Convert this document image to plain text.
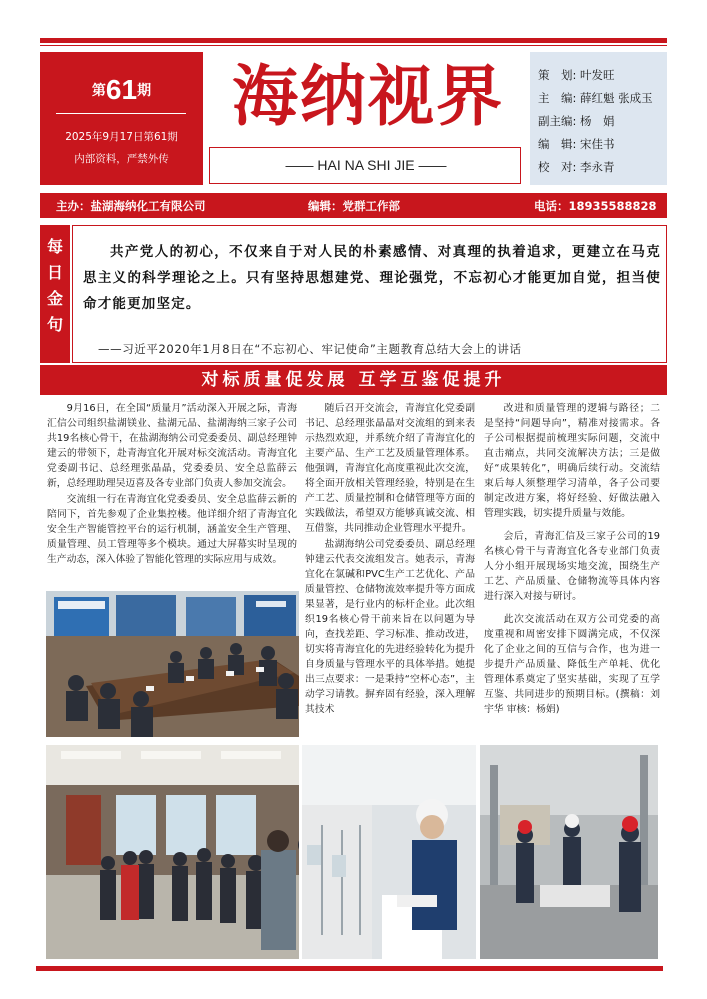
第61期
2025年9月17日第61期
内部资料，严禁外传
海纳视界
—— HAI NA SHI JIE ——
策　划: 叶发旺
主　编: 薛红魁 张成玉
副主编: 杨　娟
编　辑: 宋佳书
校　对: 李永青
主办：盐湖海纳化工有限公司	编辑：党群工作部	电话：18935588828
每
日
金
句
共产党人的初心，不仅来自于对人民的朴素感情、对真理的执着追求，更建立在马克思主义的科学理论之上。只有坚持思想建党、理论强党，不忘初心才能更加自觉，担当使命才能更加坚定。
——习近平2020年1月8日在“不忘初心、牢记使命”主题教育总结大会上的讲话
对标质量促发展 互学互鉴促提升

9月16日，在全国“质量月”活动深入开展之际，青海汇信公司组织盐湖镁业、盐湖元品、盐湖海纳三家子公司共19名核心骨干，在盐湖海纳公司党委委员、副总经理钟建云的带领下，赴青海宜化开展对标交流活动。青海宜化党委副书记、总经理张晶晶，党委委员、安全总监薛云新，总经理助理吴迈喜及各专业部门负责人参加交流会。

交流组一行在青海宜化党委委员、安全总监薛云新的陪同下，首先参观了企业集控楼。他详细介绍了青海宜化安全生产智能管控平台的运行机制，涵盖安全生产管理、质量管理、员工管理等多个模块。通过大屏幕实时呈现的生产动态，深入体验了智能化管理的实际应用与成效。

随后召开交流会，青海宜化党委副书记、总经理张晶晶对交流组的到来表示热烈欢迎，并系统介绍了青海宜化的主要产品、生产工艺及质量管理体系。他强调，青海宜化高度重视此次交流，将全面开放相关管理经验，特别是在生产工艺、质量控制和仓储管理等方面的实践做法，希望双方能够真诚交流、相互借鉴，共同推动企业管理水平提升。

盐湖海纳公司党委委员、副总经理钟建云代表交流组发言。她表示，青海宜化在氯碱和PVC生产工艺优化、产品质量管控、仓储物流效率提升等方面成果显著，是行业内的标杆企业。此次组织19名核心骨干前来旨在以问题为导向，查找差距、学习标准、推动改进，切实将青海宜化的先进经验转化为提升自身质量与管理水平的具体举措。她提出三点要求：一是秉持“空杯心态”，主动学习请教。摒弃固有经验，深入理解其技术

改进和质量管理的逻辑与路径；二是坚持“问题导向”，精准对接需求。各子公司根据提前梳理实际问题，交流中直击痛点，共同交流解决方法；三是做好“成果转化”，明确后续行动。交流结束后每人须整理学习清单，各子公司要制定改进方案，将好经验、好做法融入管理实践，切实提升质量与效能。

会后，青海汇信及三家子公司的19名核心骨干与青海宜化各专业部门负责人分小组开展现场实地交流，围绕生产工艺、产品质量、仓储物流等具体内容进行深入对接与研讨。

此次交流活动在双方公司党委的高度重视和周密安排下圆满完成，不仅深化了企业之间的互信与合作，也为进一步提升产品质量、降低生产单耗、优化管理体系奠定了坚实基础，实现了互学互鉴、共同进步的预期目标。(撰稿：刘宇华 审核：杨娟)
